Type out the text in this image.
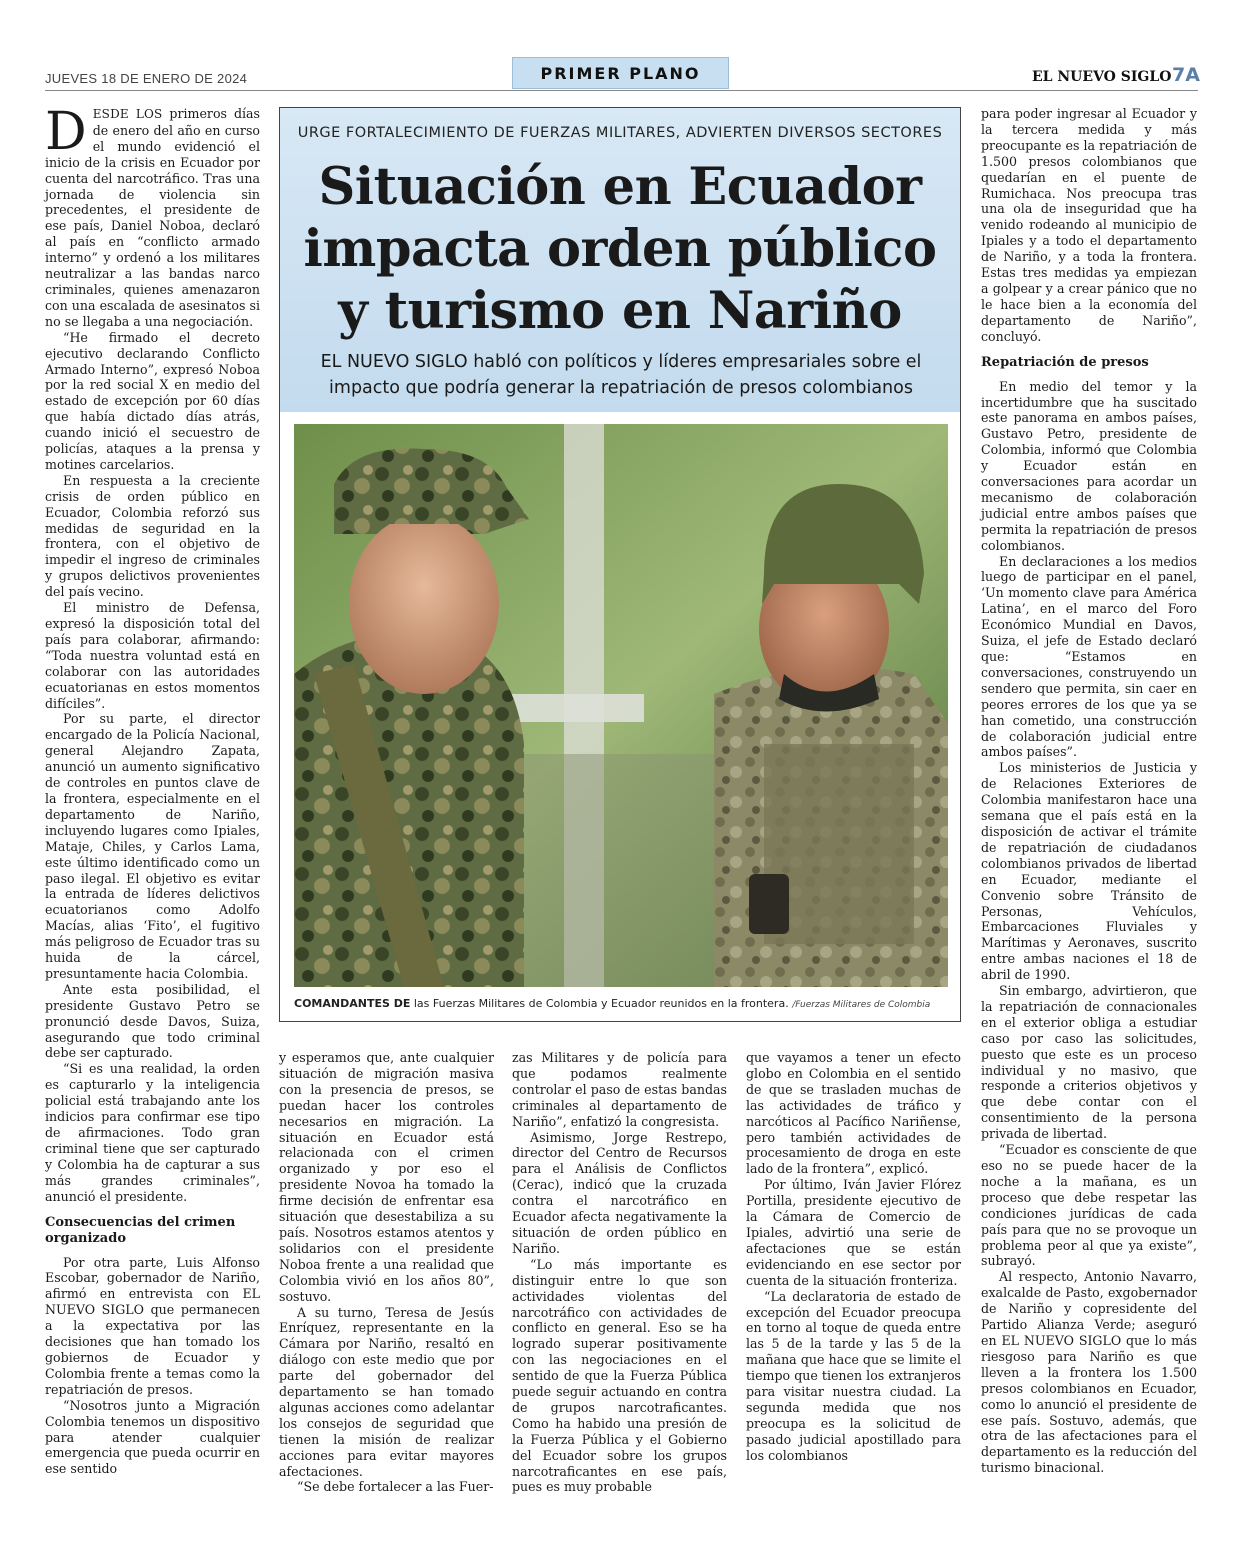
JUEVES 18 DE ENERO DE 2024	PRIMER PLANO	EL NUEVO SIGLO 7A

DESDE LOS primeros días de enero del año en curso el mundo evidenció el inicio de la crisis en Ecuador por cuenta del narcotráfico. Tras una jornada de violencia sin precedentes, el presidente de ese país, Daniel Noboa, declaró al país en “conflicto armado interno” y ordenó a los militares neutralizar a las bandas narco criminales, quienes amenazaron con una escalada de asesinatos si no se llegaba a una negociación.

“He firmado el decreto ejecutivo declarando Conflicto Armado Interno”, expresó Noboa por la red social X en medio del estado de excepción por 60 días que había dictado días atrás, cuando inició el secuestro de policías, ataques a la prensa y motines carcelarios.

En respuesta a la creciente crisis de orden público en Ecuador, Colombia reforzó sus medidas de seguridad en la frontera, con el objetivo de impedir el ingreso de criminales y grupos delictivos provenientes del país vecino.

El ministro de Defensa, expresó la disposición total del país para colaborar, afirmando: “Toda nuestra voluntad está en colaborar con las autoridades ecuatorianas en estos momentos difíciles”.

Por su parte, el director encargado de la Policía Nacional, general Alejandro Zapata, anunció un aumento significativo de controles en puntos clave de la frontera, especialmente en el departamento de Nariño, incluyendo lugares como Ipiales, Mataje, Chiles, y Carlos Lama, este último identificado como un paso ilegal. El objetivo es evitar la entrada de líderes delictivos ecuatorianos como Adolfo Macías, alias ‘Fito’, el fugitivo más peligroso de Ecuador tras su huida de la cárcel, presuntamente hacia Colombia.

Ante esta posibilidad, el presidente Gustavo Petro se pronunció desde Davos, Suiza, asegurando que todo criminal debe ser capturado.

“Si es una realidad, la orden es capturarlo y la inteligencia policial está trabajando ante los indicios para confirmar ese tipo de afirmaciones. Todo gran criminal tiene que ser capturado y Colombia ha de capturar a sus más grandes criminales”, anunció el presidente.

Consecuencias del crimen organizado

Por otra parte, Luis Alfonso Escobar, gobernador de Nariño, afirmó en entrevista con EL NUEVO SIGLO que permanecen a la expectativa por las decisiones que han tomado los gobiernos de Ecuador y Colombia frente a temas como la repatriación de presos.

“Nosotros junto a Migración Colombia tenemos un dispositivo para atender cualquier emergencia que pueda ocurrir en ese sentido

URGE FORTALECIMIENTO DE FUERZAS MILITARES, ADVIERTEN DIVERSOS SECTORES
Situación en Ecuador
impacta orden público
y turismo en Nariño
EL NUEVO SIGLO habló con políticos y líderes empresariales sobre el impacto que podría generar la repatriación de presos colombianos
COMANDANTES DE las Fuerzas Militares de Colombia y Ecuador reunidos en la frontera. /Fuerzas Militares de Colombia

y esperamos que, ante cualquier situación de migración masiva con la presencia de presos, se puedan hacer los controles necesarios en migración. La situación en Ecuador está relacionada con el crimen organizado y por eso el presidente Novoa ha tomado la firme decisión de enfrentar esa situación que desestabiliza a su país. Nosotros estamos atentos y solidarios con el presidente Noboa frente a una realidad que Colombia vivió en los años 80”, sostuvo.

A su turno, Teresa de Jesús Enríquez, representante en la Cámara por Nariño, resaltó en diálogo con este medio que por parte del gobernador del departamento se han tomado algunas acciones como adelantar los consejos de seguridad que tienen la misión de realizar acciones para evitar mayores afectaciones.

“Se debe fortalecer a las Fuer-

zas Militares y de policía para que podamos realmente controlar el paso de estas bandas criminales al departamento de Nariño”, enfatizó la congresista.

Asimismo, Jorge Restrepo, director del Centro de Recursos para el Análisis de Conflictos (Cerac), indicó que la cruzada contra el narcotráfico en Ecuador afecta negativamente la situación de orden público en Nariño.

“Lo más importante es distinguir entre lo que son actividades violentas del narcotráfico con actividades de conflicto en general. Eso se ha logrado superar positivamente con las negociaciones en el sentido de que la Fuerza Pública puede seguir actuando en contra de grupos narcotraficantes. Como ha habido una presión de la Fuerza Pública y el Gobierno del Ecuador sobre los grupos narcotraficantes en ese país, pues es muy probable

que vayamos a tener un efecto globo en Colombia en el sentido de que se trasladen muchas de las actividades de tráfico y narcóticos al Pacífico Nariñense, pero también actividades de procesamiento de droga en este lado de la frontera”, explicó.

Por último, Iván Javier Flórez Portilla, presidente ejecutivo de la Cámara de Comercio de Ipiales, advirtió una serie de afectaciones que se están evidenciando en ese sector por cuenta de la situación fronteriza.

“La declaratoria de estado de excepción del Ecuador preocupa en torno al toque de queda entre las 5 de la tarde y las 5 de la mañana que hace que se limite el tiempo que tienen los extranjeros para visitar nuestra ciudad. La segunda medida que nos preocupa es la solicitud de pasado judicial apostillado para los colombianos

para poder ingresar al Ecuador y la tercera medida y más preocupante es la repatriación de 1.500 presos colombianos que quedarían en el puente de Rumichaca. Nos preocupa tras una ola de inseguridad que ha venido rodeando al municipio de Ipiales y a todo el departamento de Nariño, y a toda la frontera. Estas tres medidas ya empiezan a golpear y a crear pánico que no le hace bien a la economía del departamento de Nariño”, concluyó.

Repatriación de presos

En medio del temor y la incertidumbre que ha suscitado este panorama en ambos países, Gustavo Petro, presidente de Colombia, informó que Colombia y Ecuador están en conversaciones para acordar un mecanismo de colaboración judicial entre ambos países que permita la repatriación de presos colombianos.

En declaraciones a los medios luego de participar en el panel, ‘Un momento clave para América Latina’, en el marco del Foro Económico Mundial en Davos, Suiza, el jefe de Estado declaró que: “Estamos en conversaciones, construyendo un sendero que permita, sin caer en peores errores de los que ya se han cometido, una construcción de colaboración judicial entre ambos países”.

Los ministerios de Justicia y de Relaciones Exteriores de Colombia manifestaron hace una semana que el país está en la disposición de activar el trámite de repatriación de ciudadanos colombianos privados de libertad en Ecuador, mediante el Convenio sobre Tránsito de Personas, Vehículos, Embarcaciones Fluviales y Marítimas y Aeronaves, suscrito entre ambas naciones el 18 de abril de 1990.

Sin embargo, advirtieron, que la repatriación de connacionales en el exterior obliga a estudiar caso por caso las solicitudes, puesto que este es un proceso individual y no masivo, que responde a criterios objetivos y que debe contar con el consentimiento de la persona privada de libertad.

“Ecuador es consciente de que eso no se puede hacer de la noche a la mañana, es un proceso que debe respetar las condiciones jurídicas de cada país para que no se provoque un problema peor al que ya existe”, subrayó.

Al respecto, Antonio Navarro, exalcalde de Pasto, exgobernador de Nariño y copresidente del Partido Alianza Verde; aseguró en EL NUEVO SIGLO que lo más riesgoso para Nariño es que lleven a la frontera los 1.500 presos colombianos en Ecuador, como lo anunció el presidente de ese país. Sostuvo, además, que otra de las afectaciones para el departamento es la reducción del turismo binacional.
